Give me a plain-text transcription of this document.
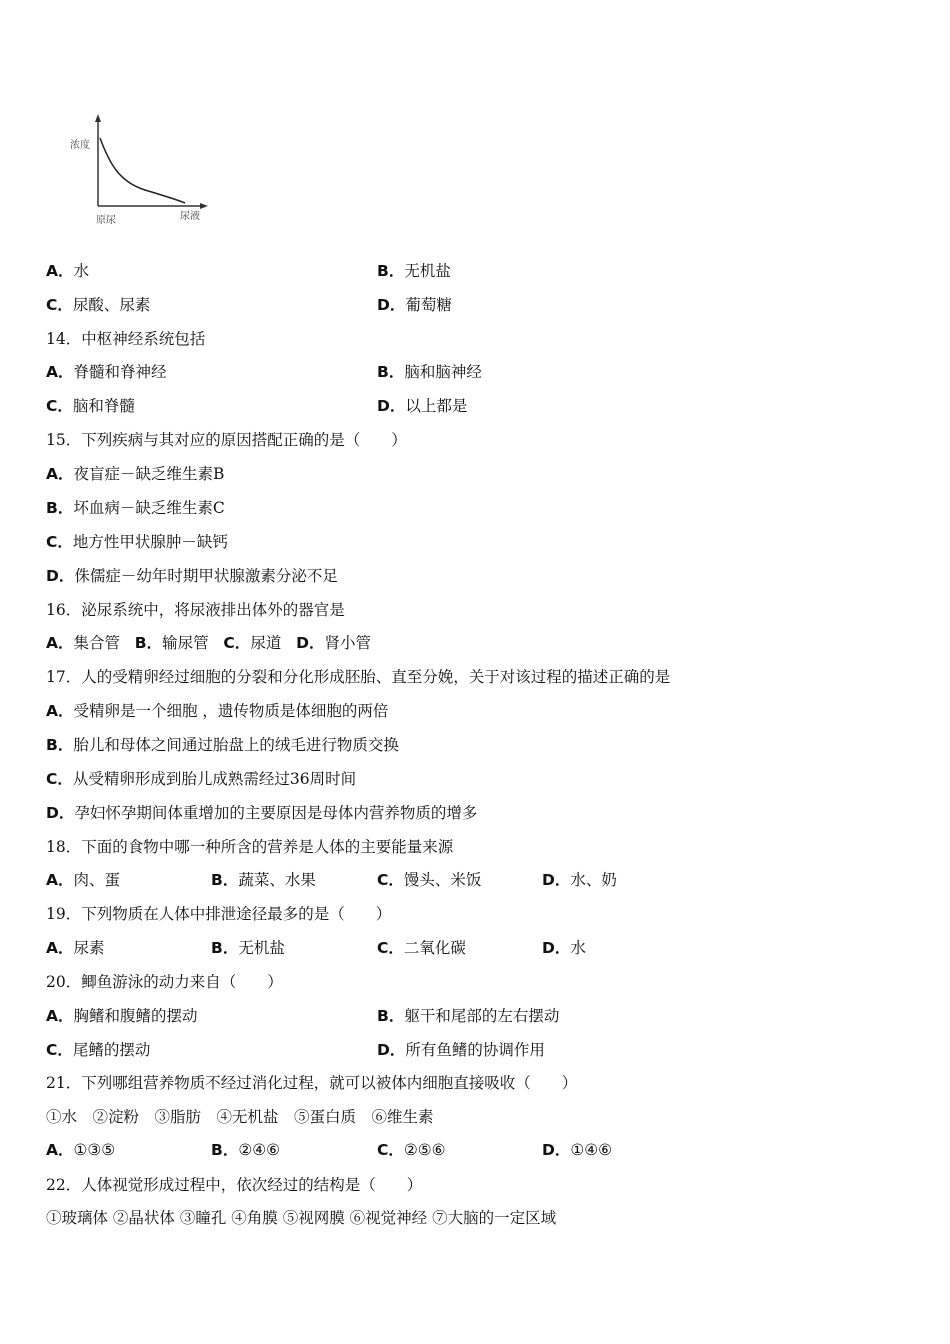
浓度
原尿	尿液
A．水	B．无机盐
C．尿酸、尿素	D．葡萄糖
14．中枢神经系统包括
A．脊髓和脊神经	B．脑和脑神经
C．脑和脊髓	D．以上都是
15．下列疾病与其对应的原因搭配正确的是（　　）
A．夜盲症－缺乏维生素B
B．坏血病－缺乏维生素C
C．地方性甲状腺肿－缺钙
D．侏儒症－幼年时期甲状腺激素分泌不足
16．泌尿系统中，将尿液排出体外的器官是
A．集合管 B．输尿管 C．尿道 D．肾小管
17．人的受精卵经过细胞的分裂和分化形成胚胎、直至分娩，关于对该过程的描述正确的是
A．受精卵是一个细胞 ，遗传物质是体细胞的两倍
B．胎儿和母体之间通过胎盘上的绒毛进行物质交换
C．从受精卵形成到胎儿成熟需经过36周时间
D．孕妇怀孕期间体重增加的主要原因是母体内营养物质的增多
18．下面的食物中哪一种所含的营养是人体的主要能量来源
A．肉、蛋	B．蔬菜、水果	C．馒头、米饭	D．水、奶
19．下列物质在人体中排泄途径最多的是（　　）
A．尿素	B．无机盐	C．二氧化碳	D．水
20．鲫鱼游泳的动力来自（　　）
A．胸鳍和腹鳍的摆动	B．躯干和尾部的左右摆动
C．尾鳍的摆动	D．所有鱼鳍的协调作用
21．下列哪组营养物质不经过消化过程，就可以被体内细胞直接吸收（　　）
①水　②淀粉　③脂肪　④无机盐　⑤蛋白质　⑥维生素
A．①③⑤	B．②④⑥	C．②⑤⑥	D．①④⑥
22．人体视觉形成过程中，依次经过的结构是（　　）
①玻璃体 ②晶状体 ③瞳孔 ④角膜 ⑤视网膜 ⑥视觉神经 ⑦大脑的一定区域
